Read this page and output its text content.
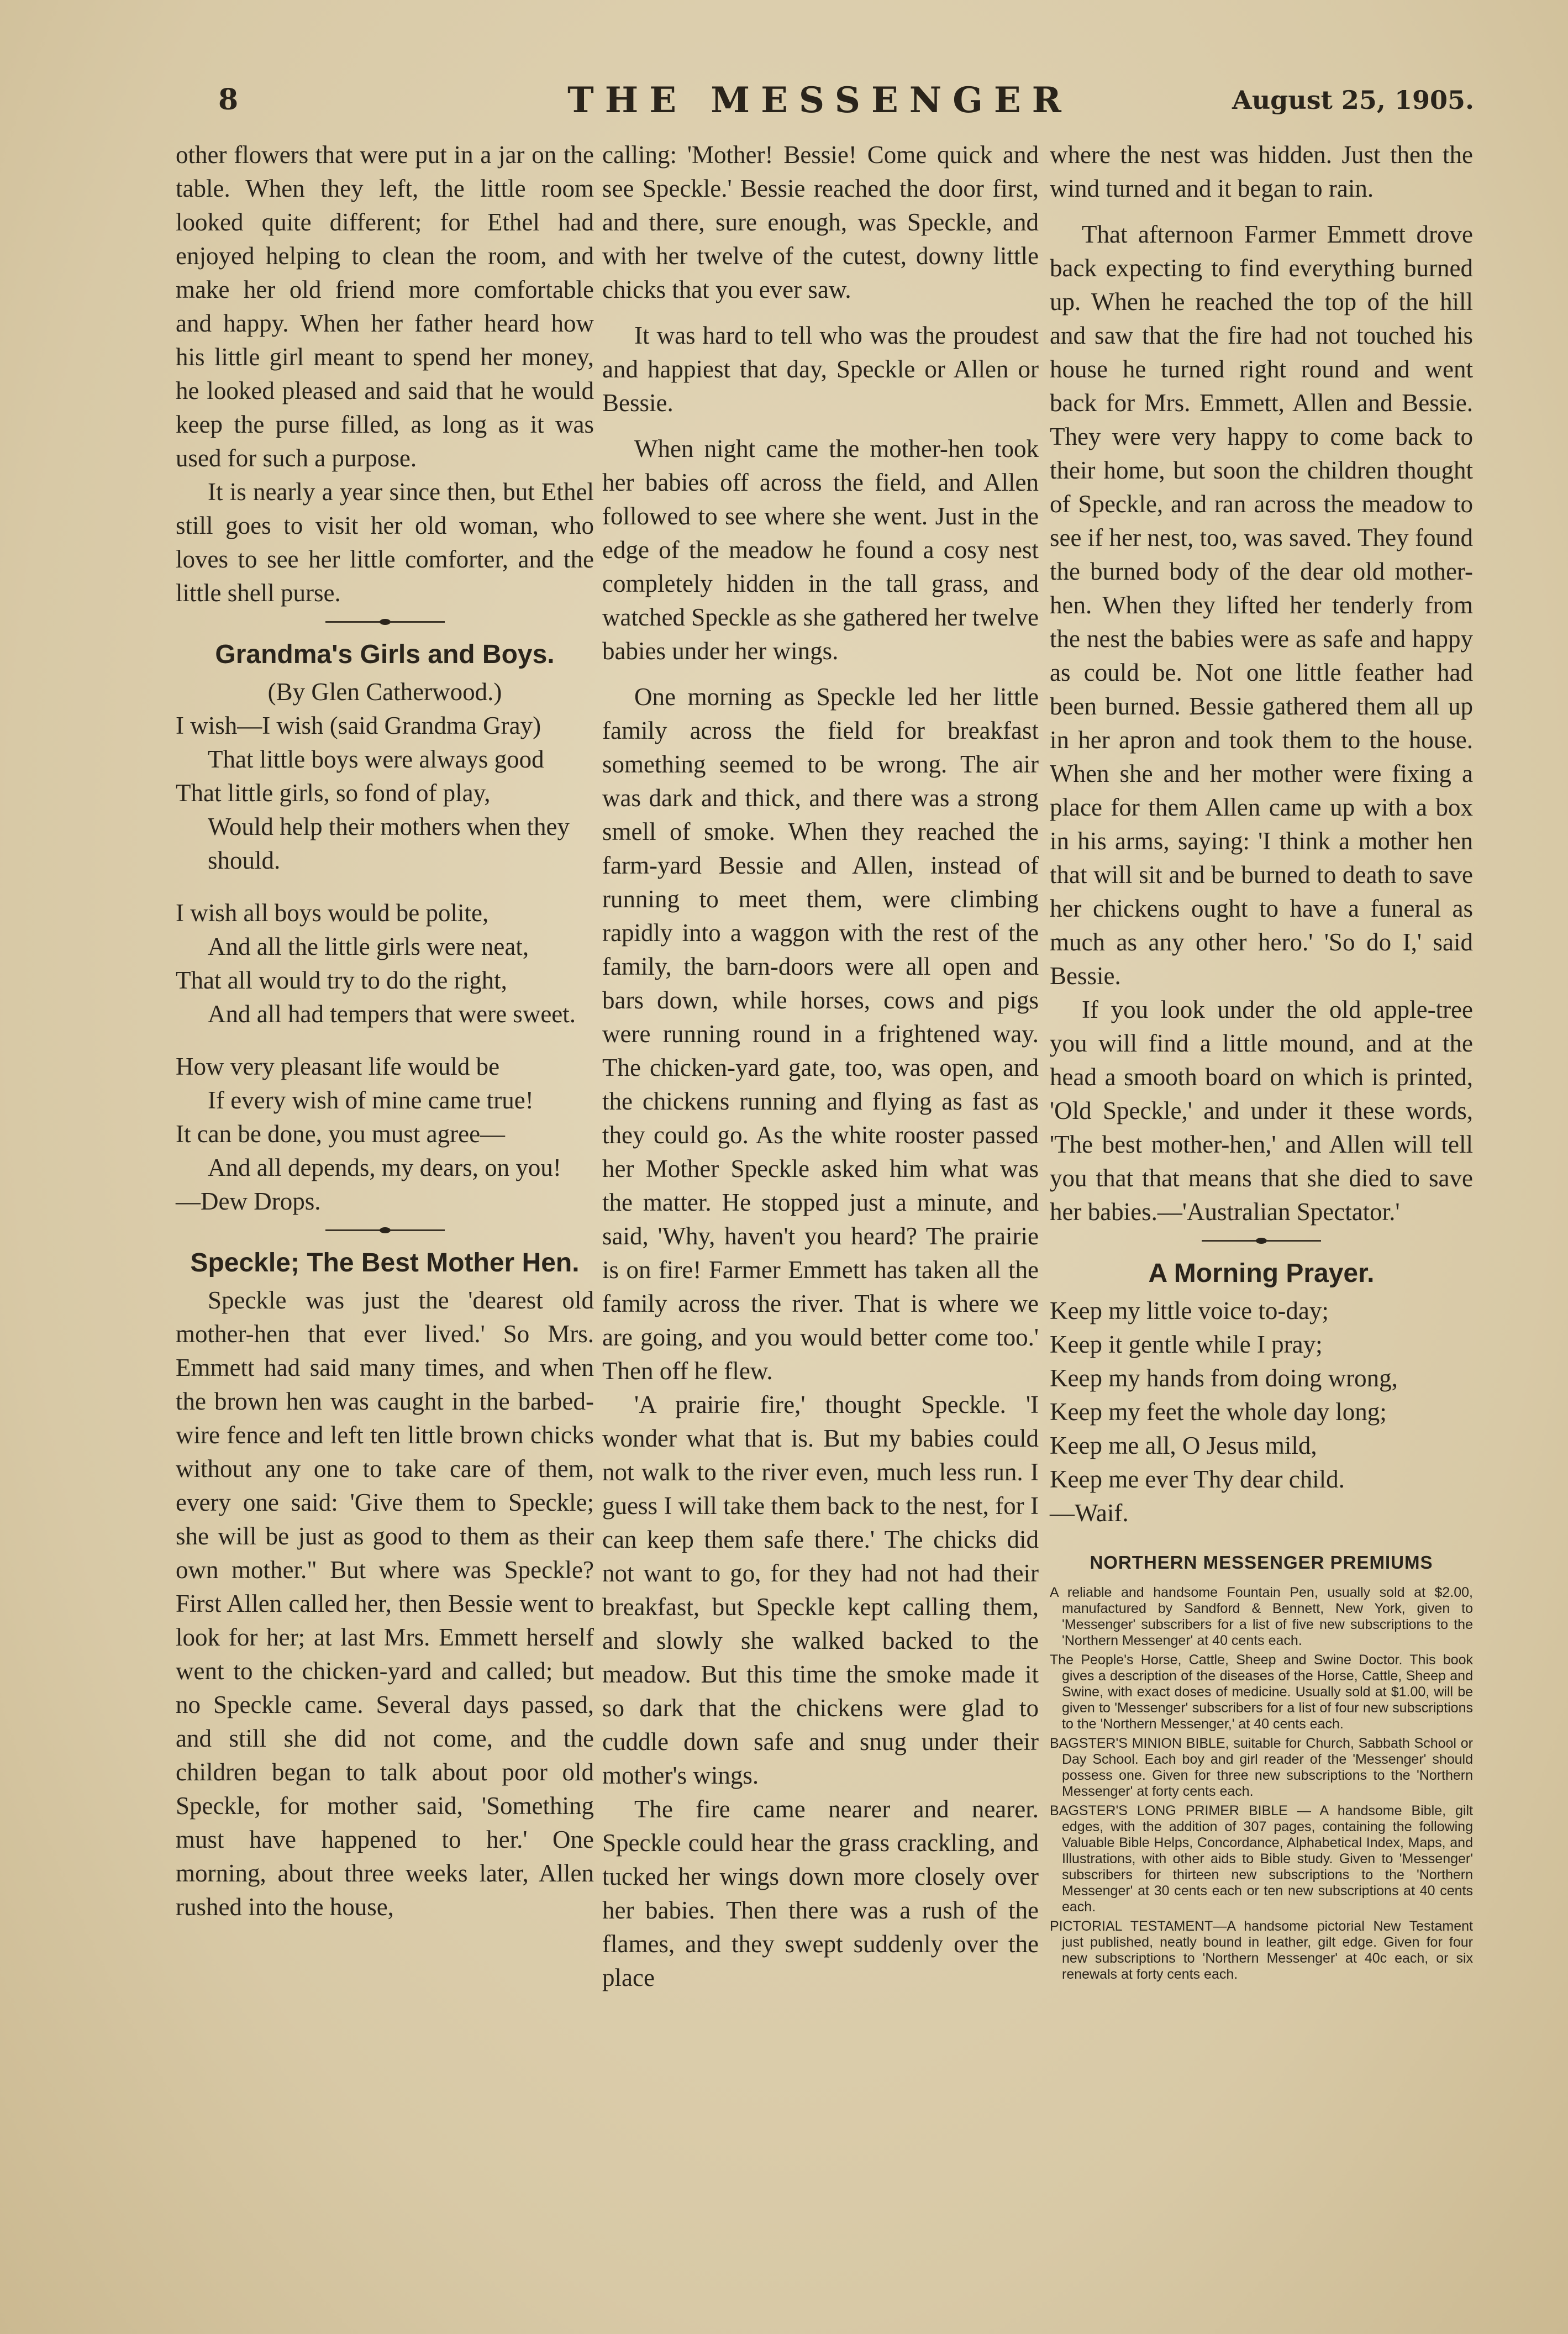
8	THE MESSENGER	August 25, 1905.

other flowers that were put in a jar on the table. When they left, the little room looked quite different; for Ethel had enjoyed helping to clean the room, and make her old friend more comfortable and happy. When her father heard how his little girl meant to spend her money, he looked pleased and said that he would keep the purse filled, as long as it was used for such a purpose.

It is nearly a year since then, but Ethel still goes to visit her old woman, who loves to see her little comforter, and the little shell purse.

Grandma's Girls and Boys.

(By Glen Catherwood.)

I wish—I wish (said Grandma Gray)

That little boys were always good

That little girls, so fond of play,

Would help their mothers when they should.

I wish all boys would be polite,

And all the little girls were neat,

That all would try to do the right,

And all had tempers that were sweet.

How very pleasant life would be

If every wish of mine came true!

It can be done, you must agree—

And all depends, my dears, on you!

—Dew Drops.

Speckle; The Best Mother Hen.

Speckle was just the 'dearest old mother-hen that ever lived.' So Mrs. Emmett had said many times, and when the brown hen was caught in the barbed-wire fence and left ten little brown chicks without any one to take care of them, every one said: 'Give them to Speckle; she will be just as good to them as their own mother." But where was Speckle? First Allen called her, then Bessie went to look for her; at last Mrs. Emmett herself went to the chicken-yard and called; but no Speckle came. Several days passed, and still she did not come, and the children began to talk about poor old Speckle, for mother said, 'Something must have happened to her.' One morning, about three weeks later, Allen rushed into the house,

calling: 'Mother! Bessie! Come quick and see Speckle.' Bessie reached the door first, and there, sure enough, was Speckle, and with her twelve of the cutest, downy little chicks that you ever saw.

It was hard to tell who was the proudest and happiest that day, Speckle or Allen or Bessie.

When night came the mother-hen took her babies off across the field, and Allen followed to see where she went. Just in the edge of the meadow he found a cosy nest completely hidden in the tall grass, and watched Speckle as she gathered her twelve babies under her wings.

One morning as Speckle led her little family across the field for breakfast something seemed to be wrong. The air was dark and thick, and there was a strong smell of smoke. When they reached the farm-yard Bessie and Allen, instead of running to meet them, were climbing rapidly into a waggon with the rest of the family, the barn-doors were all open and bars down, while horses, cows and pigs were running round in a frightened way. The chicken-yard gate, too, was open, and the chickens running and flying as fast as they could go. As the white rooster passed her Mother Speckle asked him what was the matter. He stopped just a minute, and said, 'Why, haven't you heard? The prairie is on fire! Farmer Emmett has taken all the family across the river. That is where we are going, and you would better come too.' Then off he flew.

'A prairie fire,' thought Speckle. 'I wonder what that is. But my babies could not walk to the river even, much less run. I guess I will take them back to the nest, for I can keep them safe there.' The chicks did not want to go, for they had not had their breakfast, but Speckle kept calling them, and slowly she walked backed to the meadow. But this time the smoke made it so dark that the chickens were glad to cuddle down safe and snug under their mother's wings.

The fire came nearer and nearer. Speckle could hear the grass crackling, and tucked her wings down more closely over her babies. Then there was a rush of the flames, and they swept suddenly over the place

where the nest was hidden. Just then the wind turned and it began to rain.

That afternoon Farmer Emmett drove back expecting to find everything burned up. When he reached the top of the hill and saw that the fire had not touched his house he turned right round and went back for Mrs. Emmett, Allen and Bessie. They were very happy to come back to their home, but soon the children thought of Speckle, and ran across the meadow to see if her nest, too, was saved. They found the burned body of the dear old mother-hen. When they lifted her tenderly from the nest the babies were as safe and happy as could be. Not one little feather had been burned. Bessie gathered them all up in her apron and took them to the house. When she and her mother were fixing a place for them Allen came up with a box in his arms, saying: 'I think a mother hen that will sit and be burned to death to save her chickens ought to have a funeral as much as any other hero.' 'So do I,' said Bessie.

If you look under the old apple-tree you will find a little mound, and at the head a smooth board on which is printed, 'Old Speckle,' and under it these words, 'The best mother-hen,' and Allen will tell you that that means that she died to save her babies.—'Australian Spectator.'

A Morning Prayer.

Keep my little voice to-day;

Keep it gentle while I pray;

Keep my hands from doing wrong,

Keep my feet the whole day long;

Keep me all, O Jesus mild,

Keep me ever Thy dear child.

—Waif.

NORTHERN MESSENGER PREMIUMS

A reliable and handsome Fountain Pen, usually sold at $2.00, manufactured by Sandford & Bennett, New York, given to 'Messenger' subscribers for a list of five new subscriptions to the 'Northern Messenger' at 40 cents each.

The People's Horse, Cattle, Sheep and Swine Doctor. This book gives a description of the diseases of the Horse, Cattle, Sheep and Swine, with exact doses of medicine. Usually sold at $1.00, will be given to 'Messenger' subscribers for a list of four new subscriptions to the 'Northern Messenger,' at 40 cents each.

BAGSTER'S MINION BIBLE, suitable for Church, Sabbath School or Day School. Each boy and girl reader of the 'Messenger' should possess one. Given for three new subscriptions to the 'Northern Messenger' at forty cents each.

BAGSTER'S LONG PRIMER BIBLE — A handsome Bible, gilt edges, with the addition of 307 pages, containing the following Valuable Bible Helps, Concordance, Alphabetical Index, Maps, and Illustrations, with other aids to Bible study. Given to 'Messenger' subscribers for thirteen new subscriptions to the 'Northern Messenger' at 30 cents each or ten new subscriptions at 40 cents each.

PICTORIAL TESTAMENT—A handsome pictorial New Testament just published, neatly bound in leather, gilt edge. Given for four new subscriptions to 'Northern Messenger' at 40c each, or six renewals at forty cents each.
